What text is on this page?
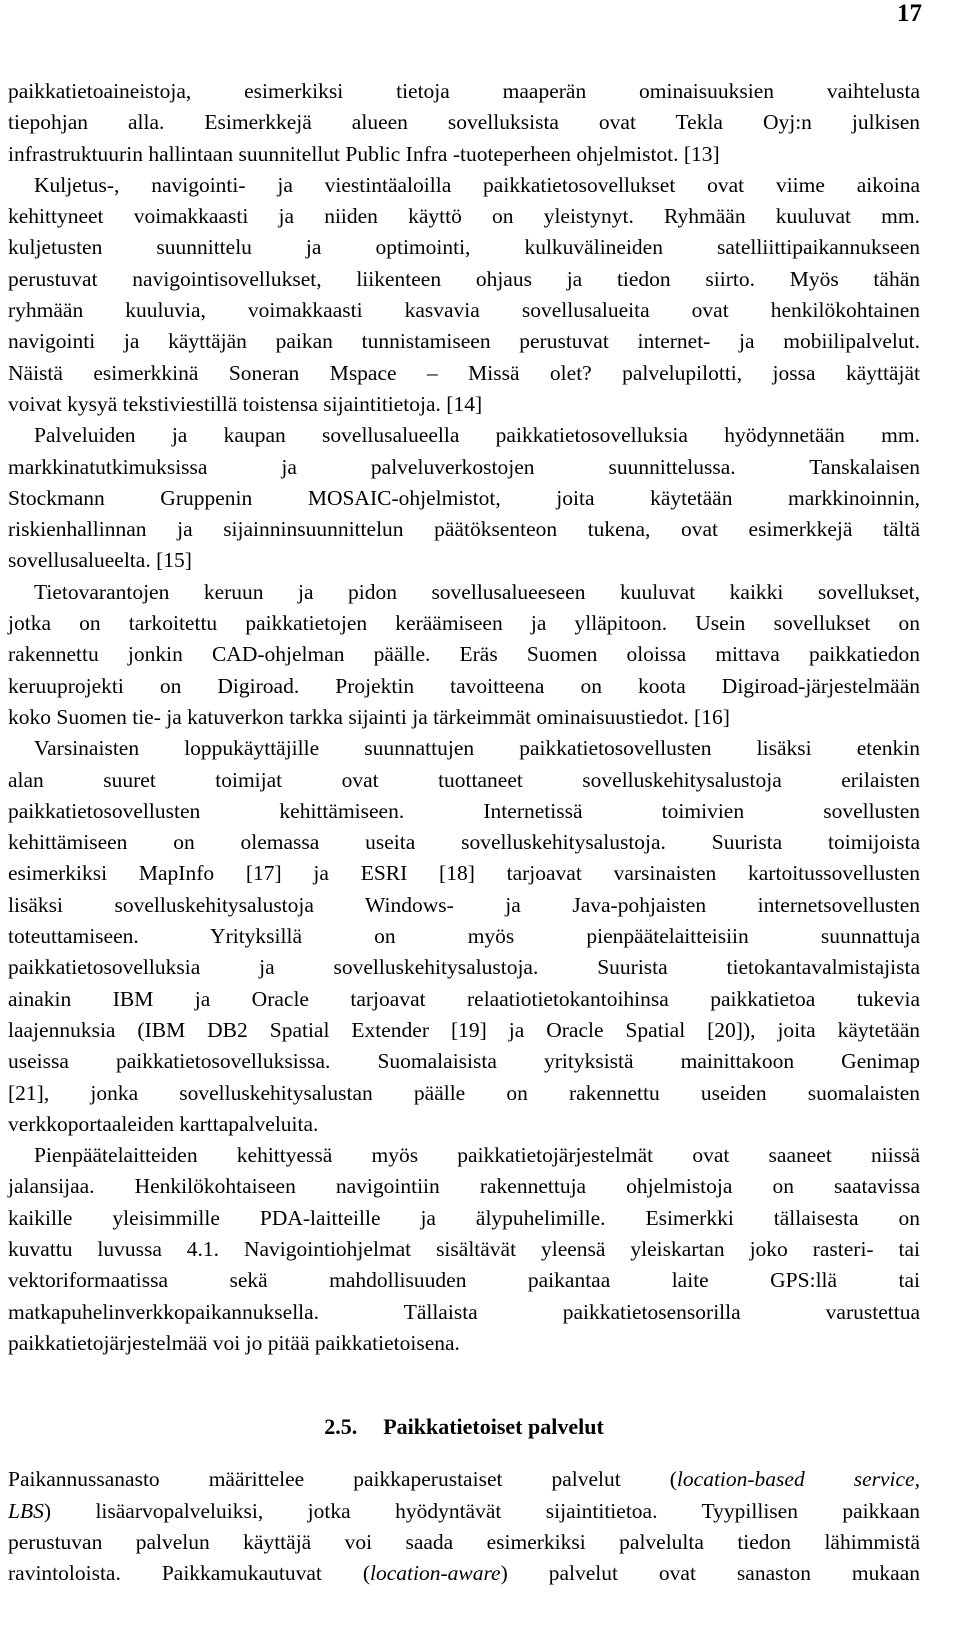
17
paikkatietoaineistoja, esimerkiksi tietoja maaperän ominaisuuksien vaihtelusta
tiepohjan alla. Esimerkkejä alueen sovelluksista ovat Tekla Oyj:n julkisen
infrastruktuurin hallintaan suunnitellut Public Infra -tuoteperheen ohjelmistot. [13]
Kuljetus-, navigointi- ja viestintäaloilla paikkatietosovellukset ovat viime aikoina
kehittyneet voimakkaasti ja niiden käyttö on yleistynyt. Ryhmään kuuluvat mm.
kuljetusten suunnittelu ja optimointi, kulkuvälineiden satelliittipaikannukseen
perustuvat navigointisovellukset, liikenteen ohjaus ja tiedon siirto. Myös tähän
ryhmään kuuluvia, voimakkaasti kasvavia sovellusalueita ovat henkilökohtainen
navigointi ja käyttäjän paikan tunnistamiseen perustuvat internet- ja mobiilipalvelut.
Näistä esimerkkinä Soneran Mspace – Missä olet? palvelupilotti, jossa käyttäjät
voivat kysyä tekstiviestillä toistensa sijaintitietoja. [14]
Palveluiden ja kaupan sovellusalueella paikkatietosovelluksia hyödynnetään mm.
markkinatutkimuksissa ja palveluverkostojen suunnittelussa. Tanskalaisen
Stockmann Gruppenin MOSAIC-ohjelmistot, joita käytetään markkinoinnin,
riskienhallinnan ja sijainninsuunnittelun päätöksenteon tukena, ovat esimerkkejä tältä
sovellusalueelta. [15]
Tietovarantojen keruun ja pidon sovellusalueeseen kuuluvat kaikki sovellukset,
jotka on tarkoitettu paikkatietojen keräämiseen ja ylläpitoon. Usein sovellukset on
rakennettu jonkin CAD-ohjelman päälle. Eräs Suomen oloissa mittava paikkatiedon
keruuprojekti on Digiroad. Projektin tavoitteena on koota Digiroad-järjestelmään
koko Suomen tie- ja katuverkon tarkka sijainti ja tärkeimmät ominaisuustiedot. [16]
Varsinaisten loppukäyttäjille suunnattujen paikkatietosovellusten lisäksi etenkin
alan suuret toimijat ovat tuottaneet sovelluskehitysalustoja erilaisten
paikkatietosovellusten kehittämiseen. Internetissä toimivien sovellusten
kehittämiseen on olemassa useita sovelluskehitysalustoja. Suurista toimijoista
esimerkiksi MapInfo [17] ja ESRI [18] tarjoavat varsinaisten kartoitussovellusten
lisäksi sovelluskehitysalustoja Windows- ja Java-pohjaisten internetsovellusten
toteuttamiseen. Yrityksillä on myös pienpäätelaitteisiin suunnattuja
paikkatietosovelluksia ja sovelluskehitysalustoja. Suurista tietokantavalmistajista
ainakin IBM ja Oracle tarjoavat relaatiotietokantoihinsa paikkatietoa tukevia
laajennuksia (IBM DB2 Spatial Extender [19] ja Oracle Spatial [20]), joita käytetään
useissa paikkatietosovelluksissa. Suomalaisista yrityksistä mainittakoon Genimap
[21], jonka sovelluskehitysalustan päälle on rakennettu useiden suomalaisten
verkkoportaaleiden karttapalveluita.
Pienpäätelaitteiden kehittyessä myös paikkatietojärjestelmät ovat saaneet niissä
jalansijaa. Henkilökohtaiseen navigointiin rakennettuja ohjelmistoja on saatavissa
kaikille yleisimmille PDA-laitteille ja älypuhelimille. Esimerkki tällaisesta on
kuvattu luvussa 4.1. Navigointiohjelmat sisältävät yleensä yleiskartan joko rasteri- tai
vektoriformaatissa sekä mahdollisuuden paikantaa laite GPS:llä tai
matkapuhelinverkkopaikannuksella. Tällaista paikkatietosensorilla varustettua
paikkatietojärjestelmää voi jo pitää paikkatietoisena.
2.5. Paikkatietoiset palvelut
Paikannussanasto määrittelee paikkaperustaiset palvelut (location-based service,
LBS) lisäarvopalveluiksi, jotka hyödyntävät sijaintitietoa. Tyypillisen paikkaan
perustuvan palvelun käyttäjä voi saada esimerkiksi palvelulta tiedon lähimmistä
ravintoloista. Paikkamukautuvat (location-aware) palvelut ovat sanaston mukaan
